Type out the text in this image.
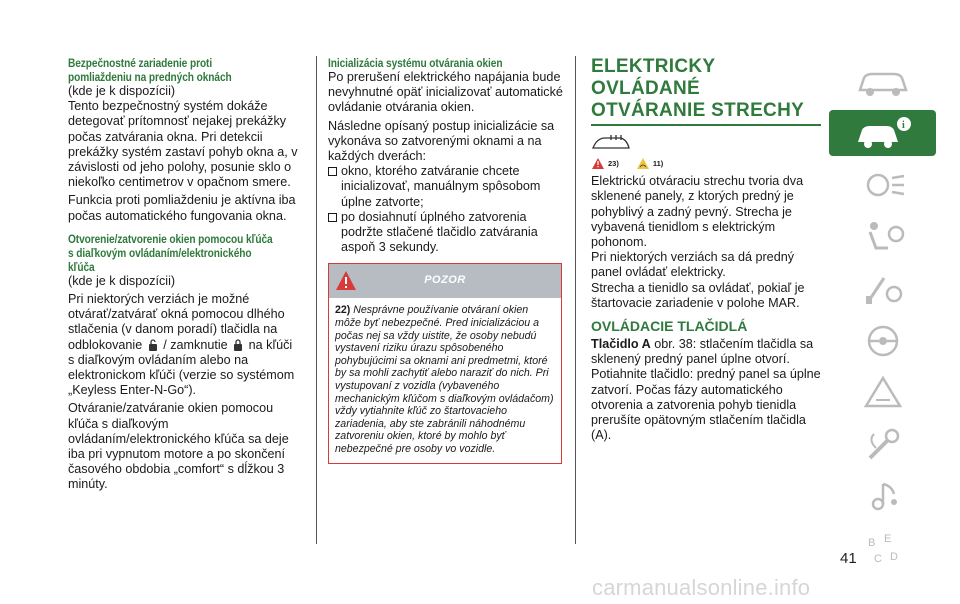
Bezpečnostné zariadenie proti
pomliaždeniu na predných oknách
(kde je k dispozícii)
Tento bezpečnostný systém dokáže detegovať prítomnosť nejakej prekážky počas zatvárania okna. Pri detekcii prekážky systém zastaví pohyb okna a, v závislosti od jeho polohy, posunie sklo o niekoľko centimetrov v opačnom smere.
Funkcia proti pomliaždeniu je aktívna iba počas automatického fungovania okna.
Otvorenie/zatvorenie okien pomocou kľúča
s diaľkovým ovládaním/elektronického
kľúča
(kde je k dispozícii)
Pri niektorých verziách je možné otvárať/zatvárať okná pomocou dlhého stlačenia (v danom poradí) tlačidla na odblokovanie / zamknutie na kľúči s diaľkovým ovládaním alebo na elektronickom kľúči (verzie so systémom „Keyless Enter-N-Go“).
Otváranie/zatváranie okien pomocou kľúča s diaľkovým ovládaním/elektronického kľúča sa deje iba pri vypnutom motore a po skončení časového obdobia „comfort“ s dĺžkou 3 minúty.
Inicializácia systému otvárania okien
Po prerušení elektrického napájania bude nevyhnutné opäť inicializovať automatické ovládanie otvárania okien.
Následne opísaný postup inicializácie sa vykonáva so zatvorenými oknami a na každých dverách:
okno, ktorého zatváranie chcete inicializovať, manuálnym spôsobom úplne zatvorte;
po dosiahnutí úplného zatvorenia podržte stlačené tlačidlo zatvárania aspoň 3 sekundy.
POZOR
22) Nesprávne používanie otváraní okien môže byť nebezpečné. Pred inicializáciou a počas nej sa vždy uistite, že osoby nebudú vystavení riziku úrazu spôsobeného pohybujúcimi sa oknami ani predmetmi, ktoré by sa mohli zachytiť alebo naraziť do nich. Pri vystupovaní z vozidla (vybaveného mechanickým kľúčom s diaľkovým ovládačom) vždy vytiahnite kľúč zo štartovacieho zariadenia, aby ste zabránili náhodnému zatvoreniu okien, ktoré by mohlo byť nebezpečné pre osoby vo vozidle.
ELEKTRICKY OVLÁDANÉ
OTVÁRANIE STRECHY
23)	11)
Elektrickú otváraciu strechu tvoria dva sklenené panely, z ktorých predný je pohyblivý a zadný pevný. Strecha je vybavená tienidlom s elektrickým pohonom.
Pri niektorých verziách sa dá predný panel ovládať elektricky.
Strecha a tienidlo sa ovládať, pokiaľ je štartovacie zariadenie v polohe MAR.
OVLÁDACIE TLAČIDLÁ
Tlačidlo A obr. 38: stlačením tlačidla sa sklenený predný panel úplne otvorí.
Potiahnite tlačidlo: predný panel sa úplne zatvorí. Počas fázy automatického otvorenia a zatvorenia pohyb tienidla prerušíte opätovným stlačením tlačidla (A).
i
B E
C D
41
carmanualsonline.info
